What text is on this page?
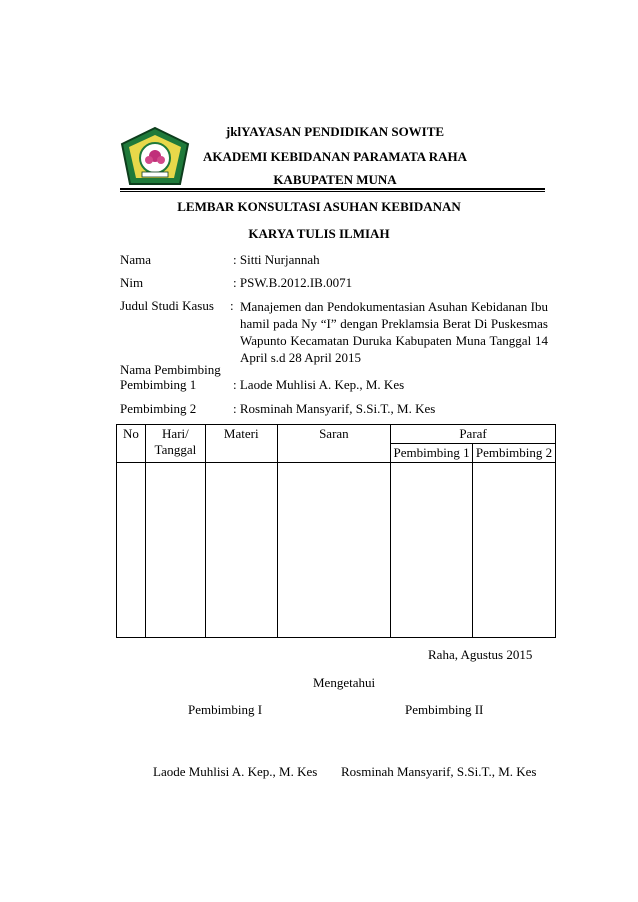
jklYAYASAN PENDIDIKAN SOWITE
AKADEMI KEBIDANAN PARAMATA RAHA
KABUPATEN MUNA
LEMBAR KONSULTASI ASUHAN KEBIDANAN
KARYA TULIS ILMIAH
Nama	: Sitti Nurjannah
Nim	: PSW.B.2012.IB.0071
Judul Studi Kasus : Manajemen dan Pendokumentasian Asuhan Kebidanan Ibu hamil pada Ny “I” dengan Preklamsia Berat Di Puskesmas Wapunto Kecamatan Duruka Kabupaten Muna Tanggal 14 April s.d 28 April 2015
Nama Pembimbing
Pembimbing 1	: Laode Muhlisi A. Kep., M. Kes
Pembimbing 2	: Rosminah Mansyarif, S.Si.T., M. Kes
No	Hari/ Tanggal	Materi	Saran	Paraf	
				Pembimbing 1	Pembimbing 2

Raha, Agustus 2015
Mengetahui
Pembimbing I	Pembimbing II
Laode Muhlisi A. Kep., M. Kes Rosminah Mansyarif, S.Si.T., M. Kes
